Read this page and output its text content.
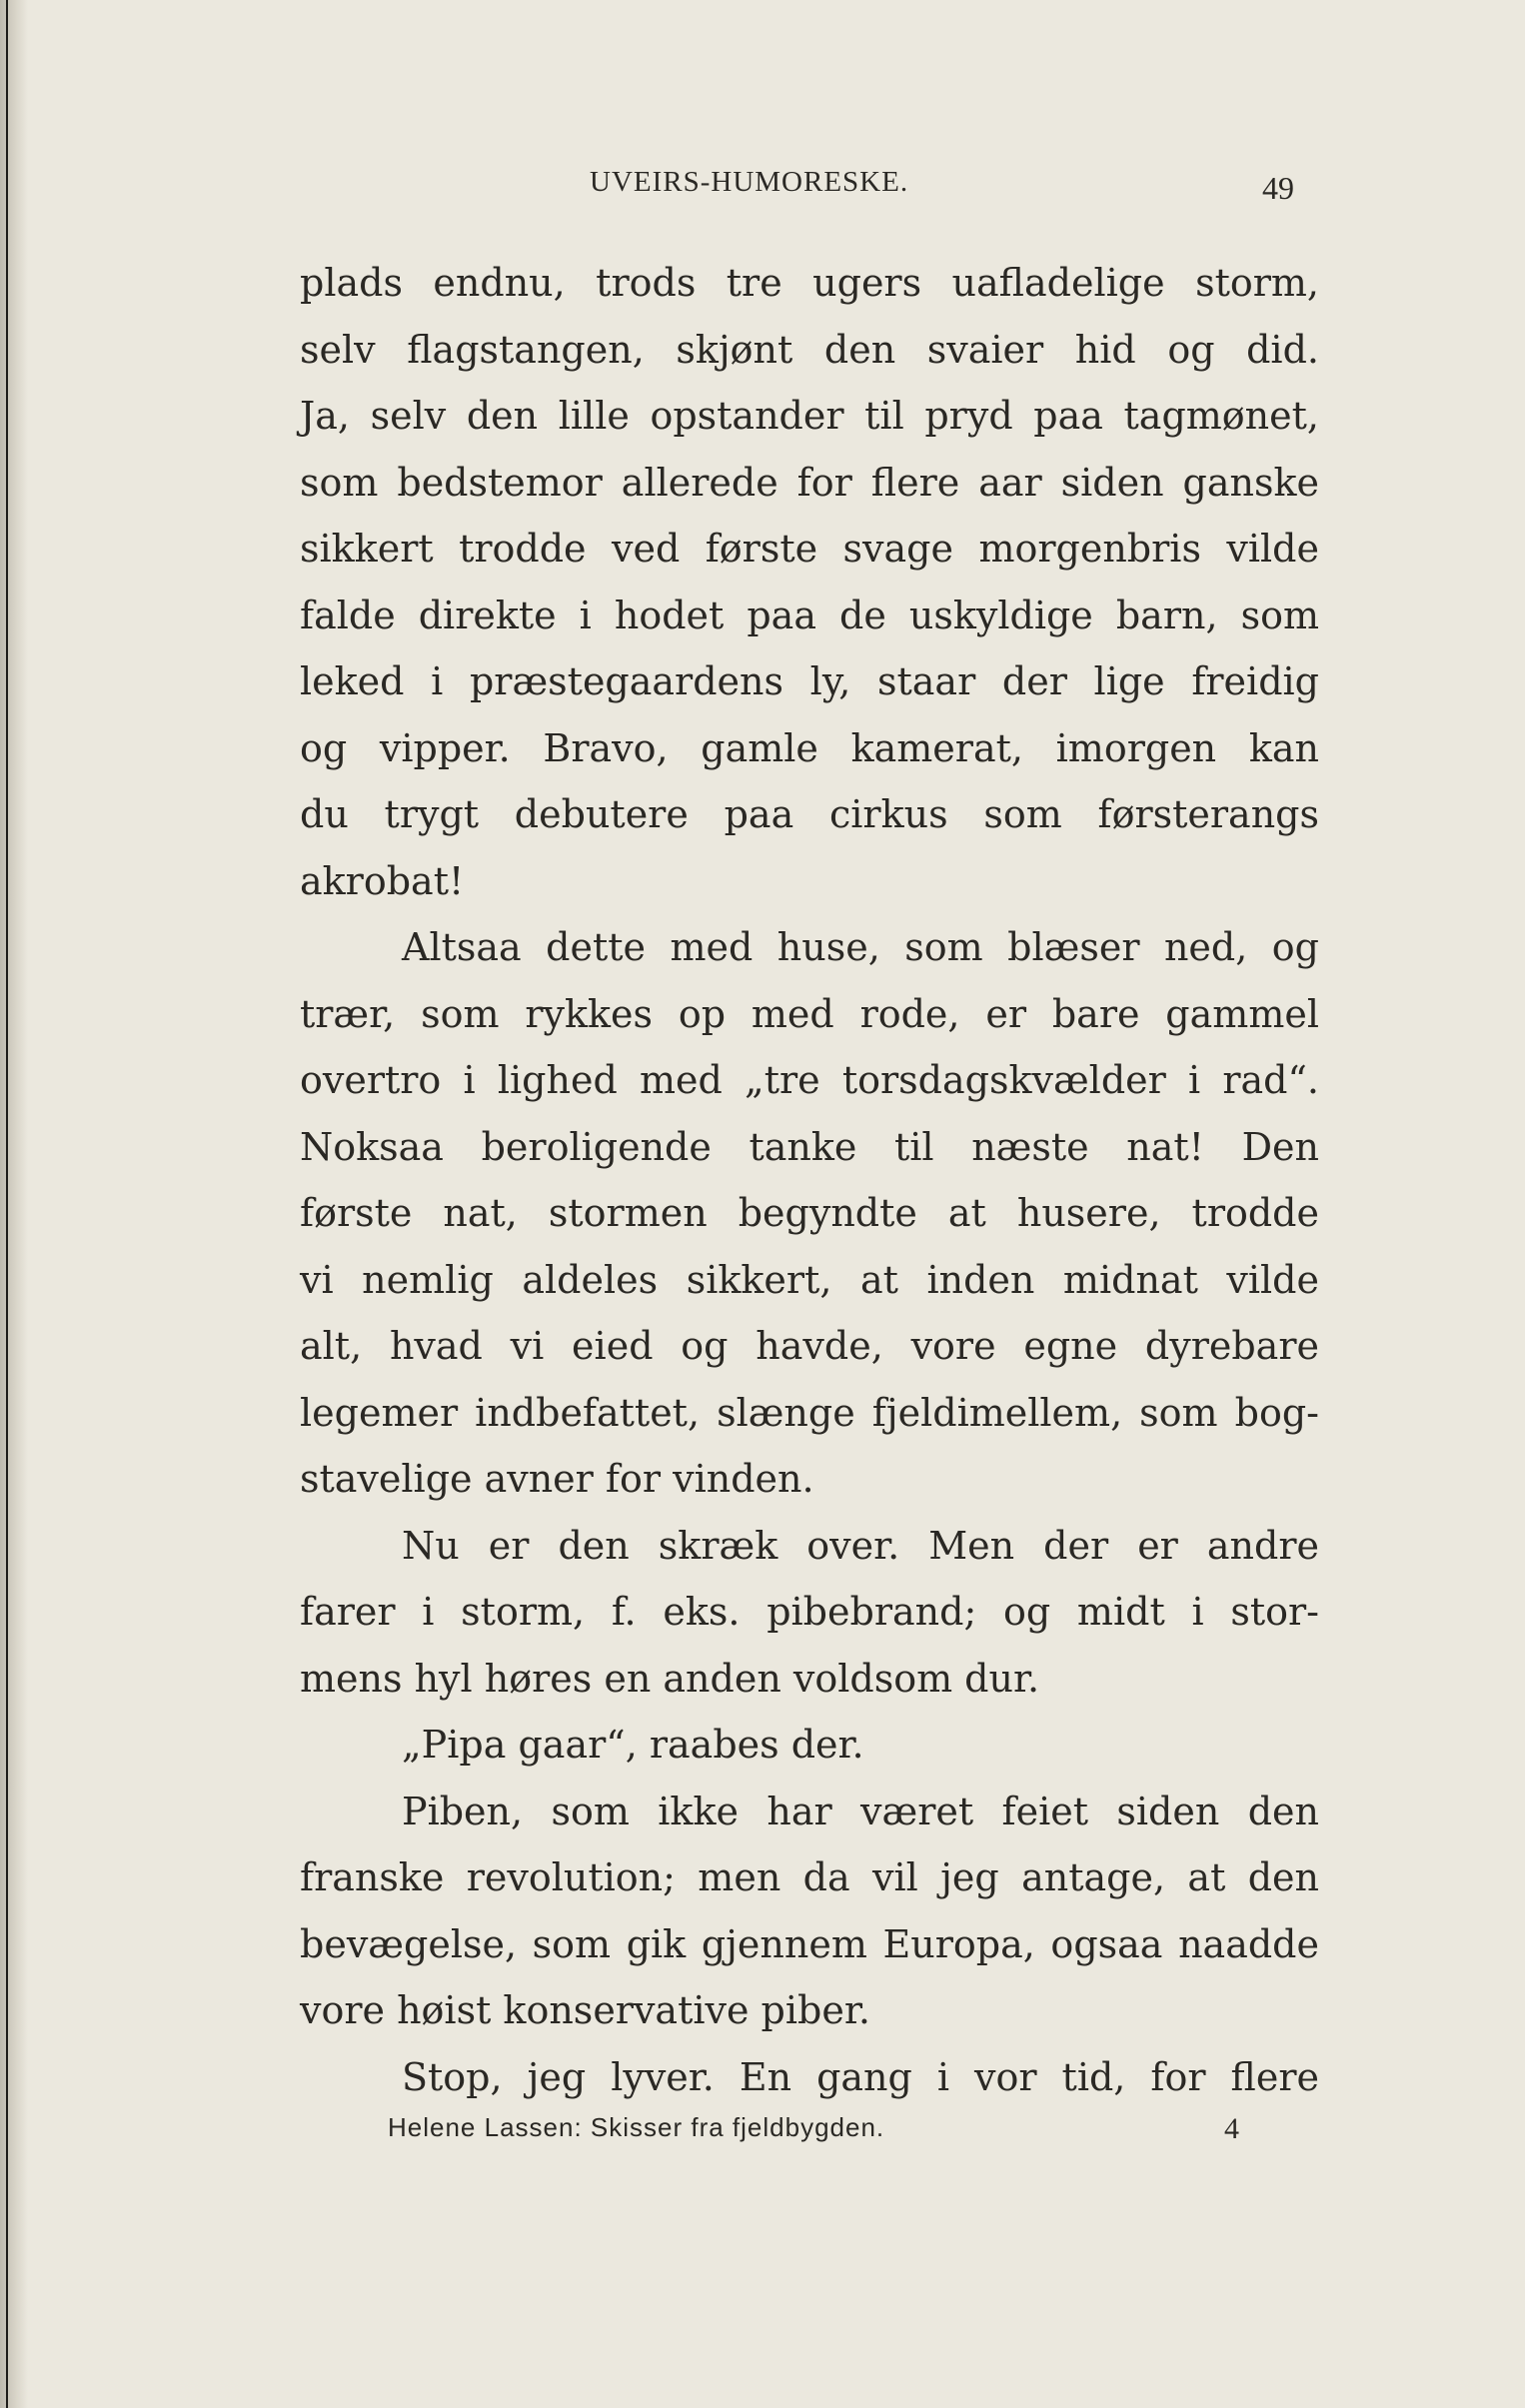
UVEIRS-HUMORESKE.	49
plads endnu, trods tre ugers uafladelige storm,
selv flagstangen, skjønt den svaier hid og did.
Ja, selv den lille opstander til pryd paa tagmønet,
som bedstemor allerede for flere aar siden ganske
sikkert trodde ved første svage morgenbris vilde
falde direkte i hodet paa de uskyldige barn, som
leked i præstegaardens ly, staar der lige freidig
og vipper. Bravo, gamle kamerat, imorgen kan
du trygt debutere paa cirkus som førsterangs
akrobat!
Altsaa dette med huse, som blæser ned, og
trær, som rykkes op med rode, er bare gammel
overtro i lighed med „tre torsdagskvælder i rad“.
Noksaa beroligende tanke til næste nat! Den
første nat, stormen begyndte at husere, trodde
vi nemlig aldeles sikkert, at inden midnat vilde
alt, hvad vi eied og havde, vore egne dyrebare
legemer indbefattet, slænge fjeldimellem, som bog-
stavelige avner for vinden.
Nu er den skræk over. Men der er andre
farer i storm, f. eks. pibebrand; og midt i stor-
mens hyl høres en anden voldsom dur.
„Pipa gaar“, raabes der.
Piben, som ikke har været feiet siden den
franske revolution; men da vil jeg antage, at den
bevægelse, som gik gjennem Europa, ogsaa naadde
vore høist konservative piber.
Stop, jeg lyver. En gang i vor tid, for flere
Helene Lassen: Skisser fra fjeldbygden.	4
